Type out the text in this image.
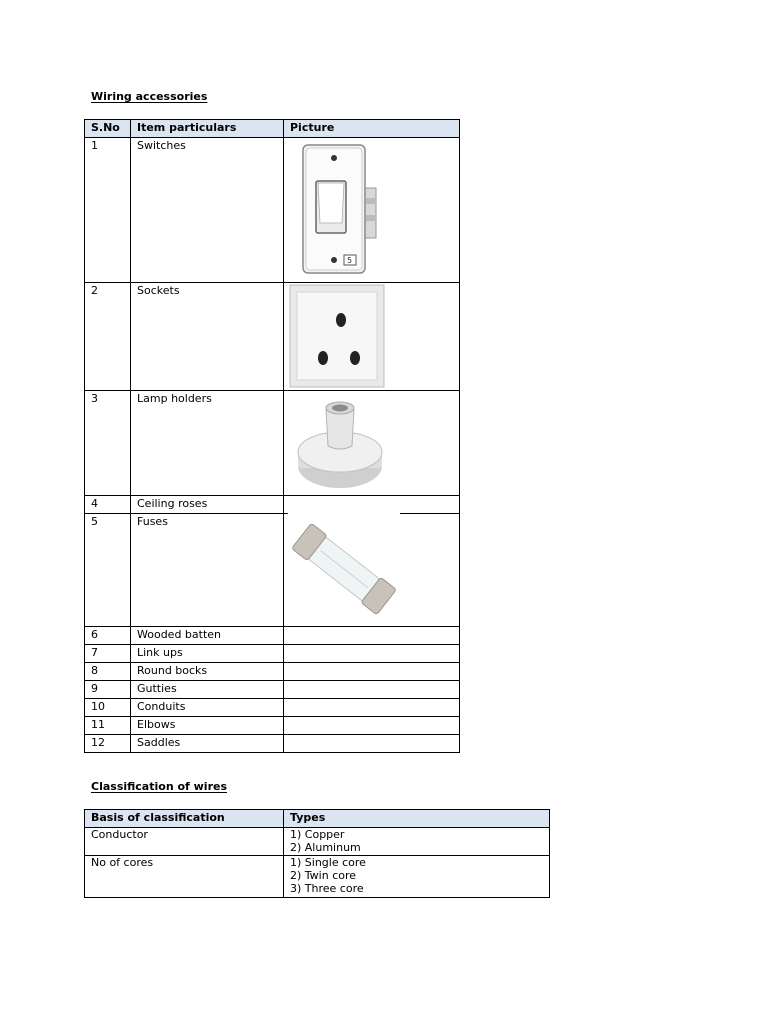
Wiring accessories
S.No	Item particulars	Picture
1	Switches	5

2	Sockets	

3	Lamp holders	

4	Ceiling roses	
5	Fuses	

6	Wooded batten	
7	Link ups	
8	Round bocks	
9	Gutties	
10	Conduits	
11	Elbows	
12	Saddles	
Classification of wires
Basis of classification	Types
Conductor	1) Copper
2) Aluminum

No of cores	1) Single core
2) Twin core
3) Three core
